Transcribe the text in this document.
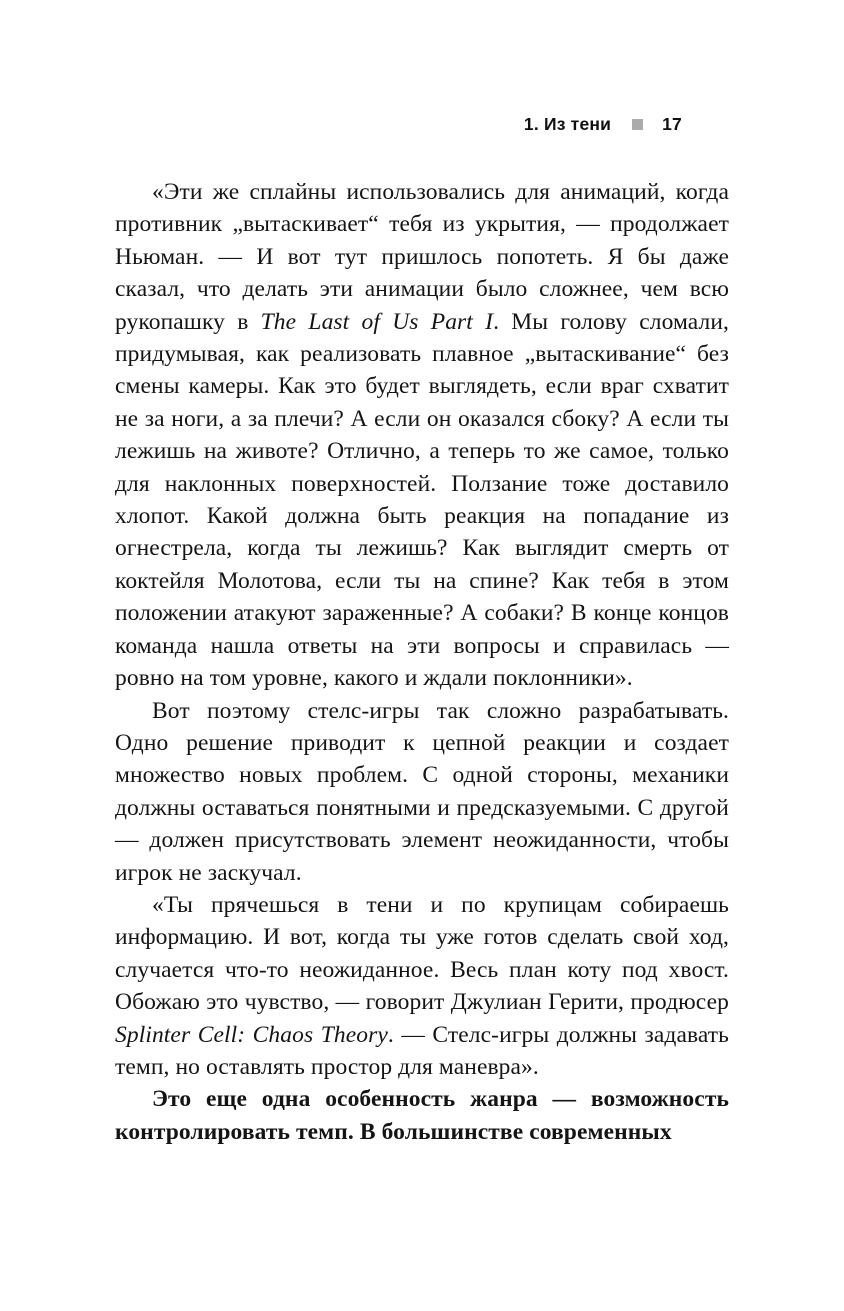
1. Из тени	17

«Эти же сплайны использовались для анимаций, когда противник „вытаскивает“ тебя из укрытия, — продолжает Ньюман. — И вот тут пришлось попотеть. Я бы даже сказал, что делать эти анимации было сложнее, чем всю рукопашку в The Last of Us Part I. Мы голову сломали, придумывая, как реализовать плавное „вытаскивание“ без смены камеры. Как это будет выглядеть, если враг схватит не за ноги, а за плечи? А если он оказался сбоку? А если ты лежишь на животе? Отлично, а теперь то же самое, только для наклонных поверхностей. Ползание тоже доставило хлопот. Какой должна быть реакция на попадание из огнестрела, когда ты лежишь? Как выглядит смерть от коктейля Молотова, если ты на спине? Как тебя в этом положении атакуют зараженные? А собаки? В конце концов команда нашла ответы на эти вопросы и справилась — ровно на том уровне, какого и ждали поклонники».

Вот поэтому стелс-игры так сложно разрабатывать. Одно решение приводит к цепной реакции и создает множество новых проблем. С одной стороны, механики должны оставаться понятными и предсказуемыми. С другой — должен присутствовать элемент неожиданности, чтобы игрок не заскучал.

«Ты прячешься в тени и по крупицам собираешь информацию. И вот, когда ты уже готов сделать свой ход, случается что-то неожиданное. Весь план коту под хвост. Обожаю это чувство, — говорит Джулиан Герити, продюсер Splinter Cell: Chaos Theory. — Стелс-игры должны задавать темп, но оставлять простор для маневра».

Это еще одна особенность жанра — возможность контролировать темп. В большинстве современных
